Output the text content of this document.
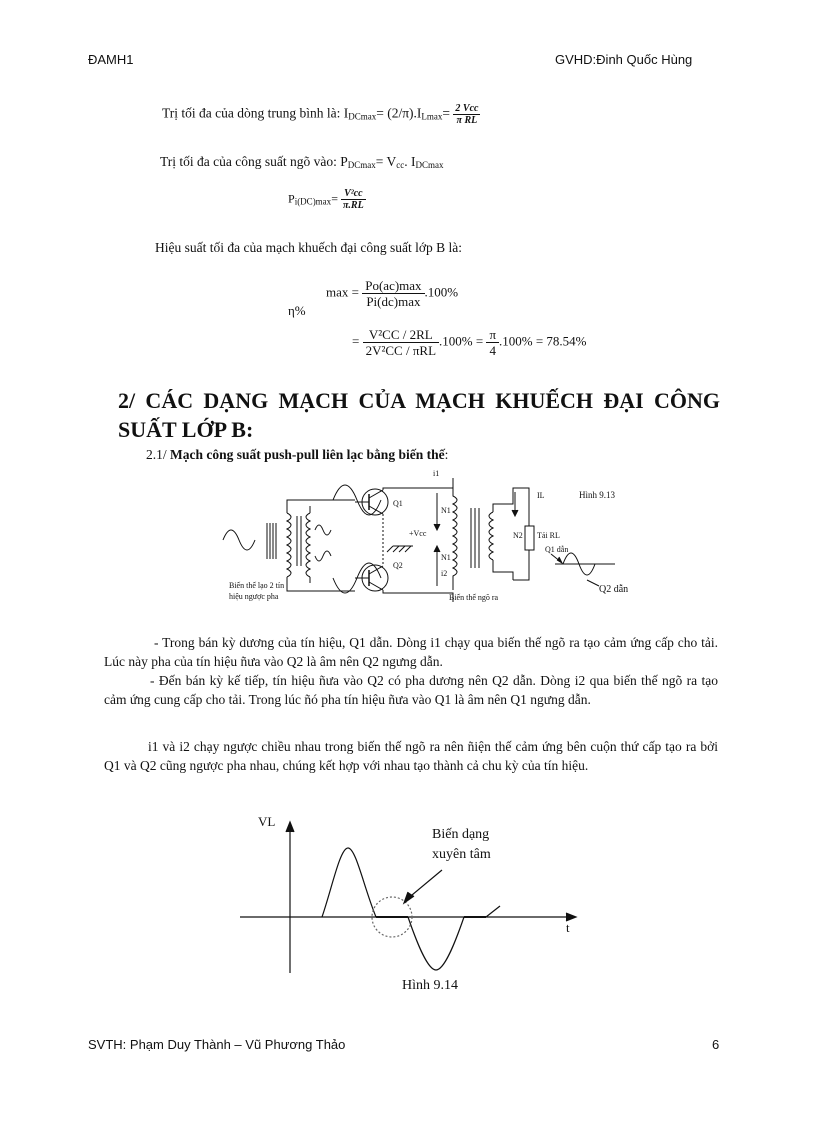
ĐAMH1	GVHD:Đinh Quốc Hùng
Trị tối đa của dòng trung bình là: $I_{DCmax}= (2/\pi).I_{Lmax}= \frac{\text{2 Vcc}}{\text{π RL}}$
Trị tối đa của công suất ngõ vào: $P_{DCmax}= V_{cc}$. $I_{DCmax}$
$P_{i(DC)max}= \frac{\text{V²cc}}{\pi.RL}$
Hiệu suất tối đa của mạch khuếch đại công suất lớp B là:
η%
$\max = \frac{Po(ac)\max}{Pi(dc)\max} .100\%$
= $\frac{\text{V²CC / 2RL}}{\text{2V²CC / πRL}} .100\% = \frac{\pi}{4} .100\% = 78.54\%$
2/ CÁC DẠNG MẠCH CỦA MẠCH KHUẾCH ĐẠI CÔNG SUẤT LỚP B:
2.1/ Mạch công suất push-pull liên lạc bằng biến thế:
Q1
Q2
N1
N1
N2
+Vcc
i1
i2
IL
Tải RL
Q1 dẫn
Q2 dẫn
Hình 9.13
Biến thế lạo 2 tín
hiệu ngược pha	Biến thế ngõ ra
- Trong bán kỳ dương của tín hiệu, Q1 dẫn. Dòng i1 chạy qua biến thế ngõ ra tạo cảm ứng cấp cho tải. Lúc này pha của tín hiệu ñưa vào Q2 là âm nên Q2 ngưng dẫn.
- Đến bán kỳ kế tiếp, tín hiệu ñưa vào Q2 có pha dương nên Q2 dẫn. Dòng i2 qua biến thế ngõ ra tạo cảm ứng cung cấp cho tải. Trong lúc ñó pha tín hiệu ñưa vào Q1 là âm nên Q1 ngưng dẫn.
i1 và i2 chạy ngược chiều nhau trong biến thế ngõ ra nên ñiện thế cảm ứng bên cuộn thứ cấp tạo ra bởi Q1 và Q2 cũng ngược pha nhau, chúng kết hợp với nhau tạo thành cả chu kỳ của tín hiệu.
VL
t
Biến dạng
xuyên tâm
Hình 9.14
SVTH: Phạm Duy Thành – Vũ Phương Thảo	6
